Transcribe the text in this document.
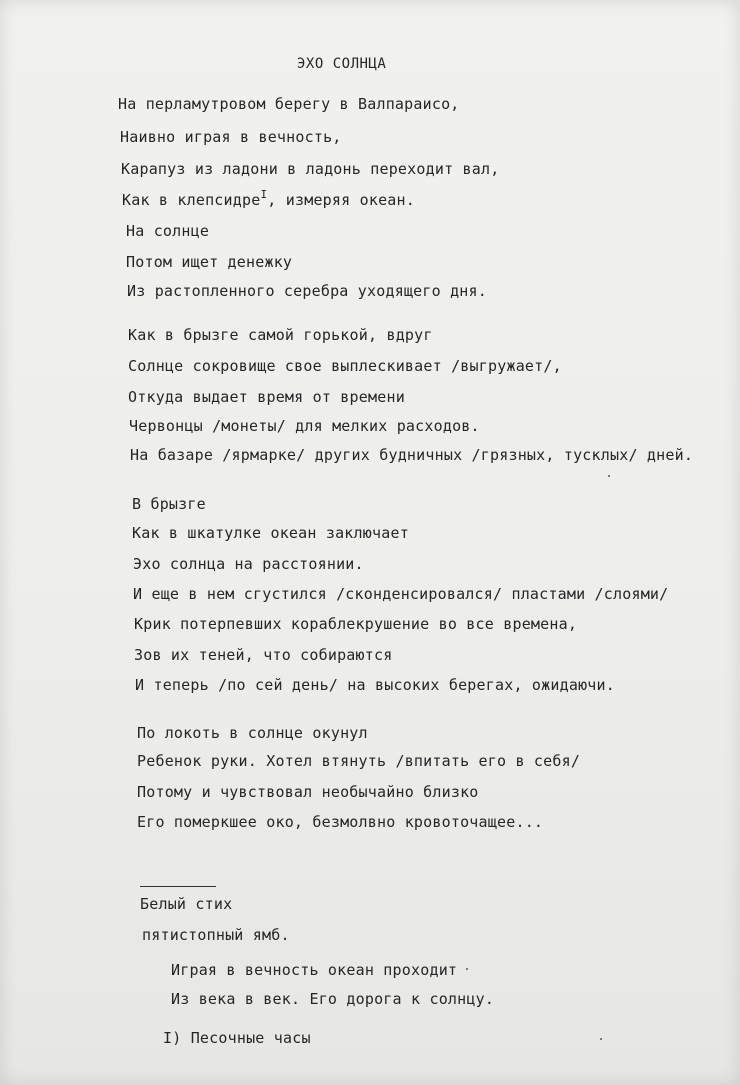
ЭХО СОЛНЦА
На перламутровом берегу в Валпараисо,
Наивно играя в вечность,
Карапуз из ладони в ладонь переходит вал,
Как в клепсидре$^I$, измеряя океан.
На солнце
Потом ищет денежку
Из растопленного серебра уходящего дня.
Как в брызге самой горькой, вдруг
Солнце сокровище свое выплескивает /выгружает/,
Откуда выдает время от времени
Червонцы /монеты/ для мелких расходов.
На базаре /ярмарке/ других будничных /грязных, тусклых/ дней.
В брызге
Как в шкатулке океан заключает
Эхо солнца на расстоянии.
И еще в нем сгустился /сконденсировался/ пластами /слоями/
Крик потерпевших кораблекрушение во все времена,
Зов их теней, что собираются
И теперь /по сей день/ на высоких берегах, ожидаючи.
По локоть в солнце окунул
Ребенок руки. Хотел втянуть /впитать его в себя/
Потому и чувствовал необычайно близко
Его померкшее око, безмолвно кровоточащее...
Белый стих
пятистопный ямб.
Играя в вечность океан проходит
Из века в век. Его дорога к солнцу.
I) Песочные часы
